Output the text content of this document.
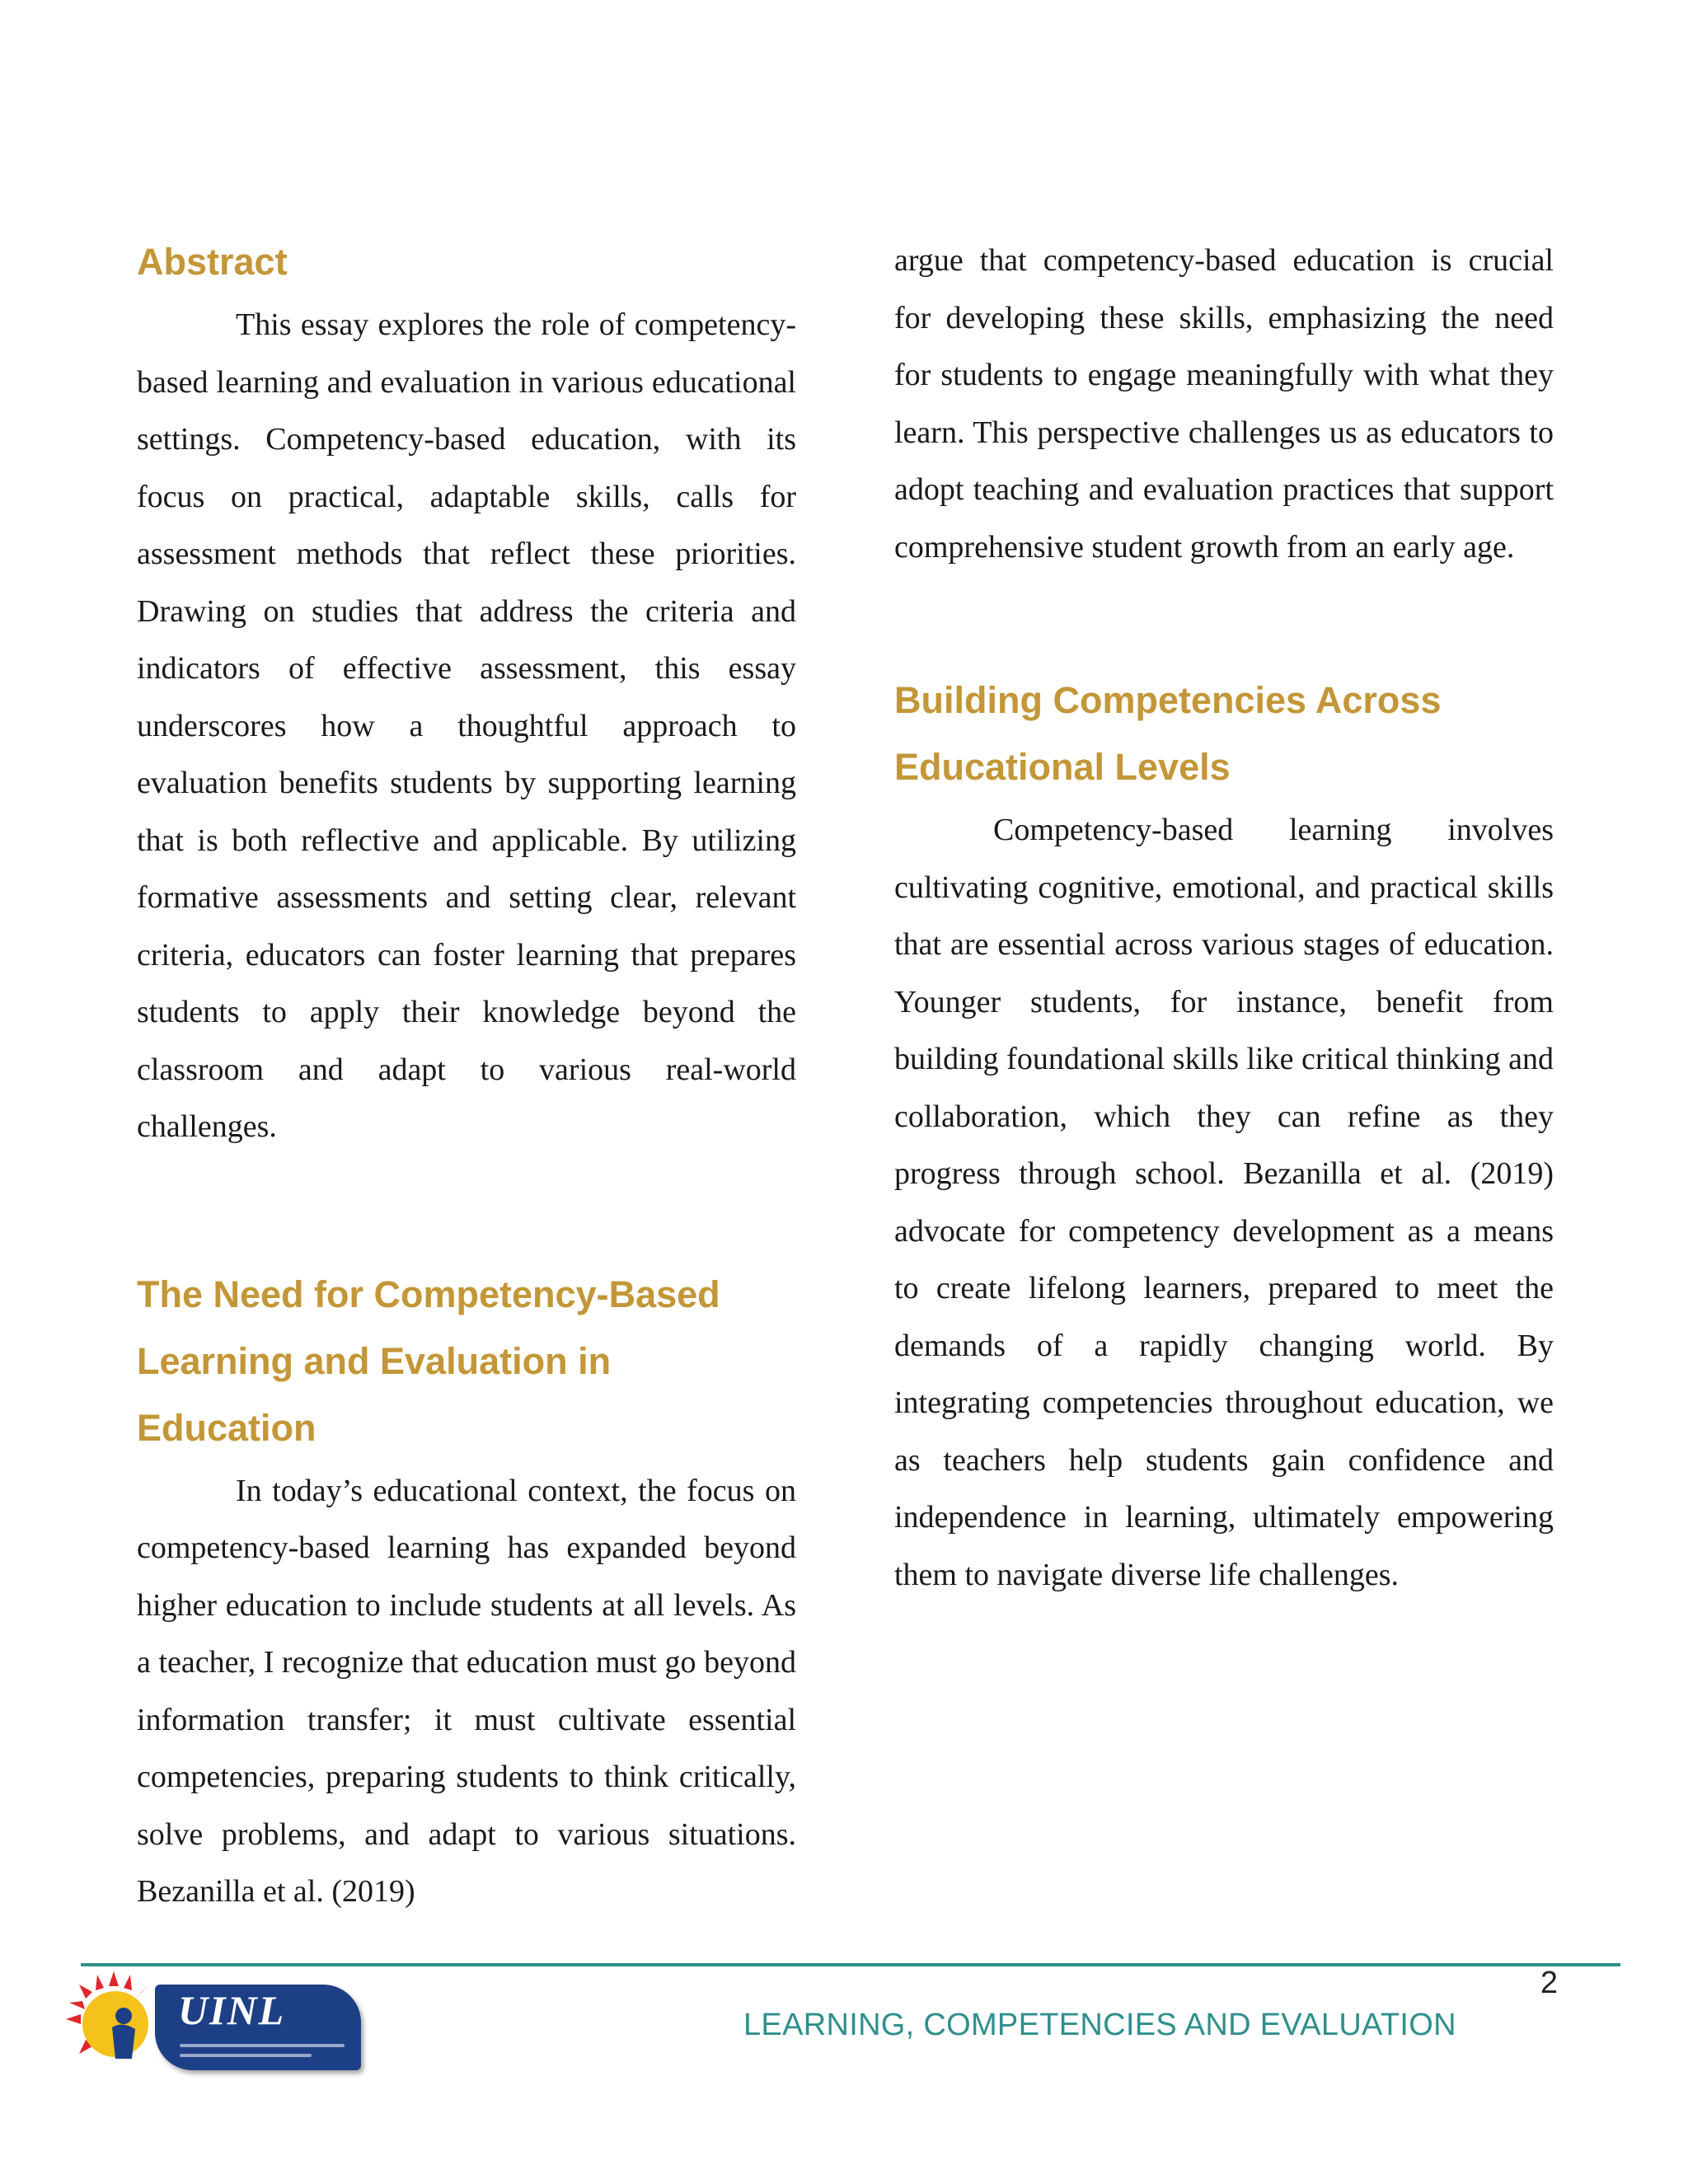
Abstract

This essay explores the role of competency-based learning and evaluation in various educational settings. Competency-based education, with its focus on practical, adaptable skills, calls for assessment methods that reflect these priorities. Drawing on studies that address the criteria and indicators of effective assessment, this essay underscores how a thoughtful approach to evaluation benefits students by supporting learning that is both reflective and applicable. By utilizing formative assessments and setting clear, relevant criteria, educators can foster learning that prepares students to apply their knowledge beyond the classroom and adapt to various real-world challenges.

The Need for Competency-Based Learning and Evaluation in Education

In today’s educational context, the focus on competency-based learning has expanded beyond higher education to include students at all levels. As a teacher, I recognize that education must go beyond information transfer; it must cultivate essential competencies, preparing students to think critically, solve problems, and adapt to various situations. Bezanilla et al. (2019)

argue that competency-based education is crucial for developing these skills, emphasizing the need for students to engage meaningfully with what they learn. This perspective challenges us as educators to adopt teaching and evaluation practices that support comprehensive student growth from an early age.

Building Competencies Across Educational Levels

Competency-based learning involves cultivating cognitive, emotional, and practical skills that are essential across various stages of education. Younger students, for instance, benefit from building foundational skills like critical thinking and collaboration, which they can refine as they progress through school. Bezanilla et al. (2019) advocate for competency development as a means to create lifelong learners, prepared to meet the demands of a rapidly changing world. By integrating competencies throughout education, we as teachers help students gain confidence and independence in learning, ultimately empowering them to navigate diverse life challenges.

2
LEARNING, COMPETENCIES AND EVALUATION
UINL
